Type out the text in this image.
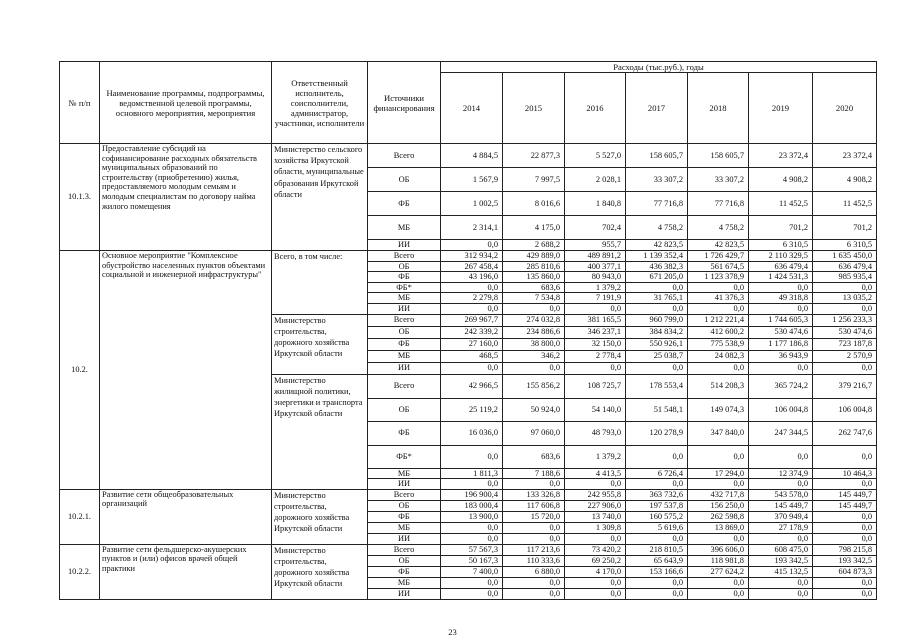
№ п/п	Наименование программы, подпрограммы, ведомственной целевой программы, основного мероприятия, мероприятия	Ответственный исполнитель, соисполнители, администратор, участники, исполнители	Источники финансирования	Расходы (тыс.руб.), годы						
				2014	2015	2016	2017	2018	2019	2020
10.1.3.	Предоставление субсидий на софинансирование расходных обязательств муниципальных образований по строительству (приобретению) жилья, предоставляемого молодым семьям и молодым специалистам по договору найма жилого помещения	Министерство сельского хозяйства Иркутской области, муниципальные образования Иркутской области	Всего	4 884,5	22 877,3	5 527,0	158 605,7	158 605,7	23 372,4	23 372,4
			ОБ	1 567,9	7 997,5	2 028,1	33 307,2	33 307,2	4 908,2	4 908,2
			ФБ	1 002,5	8 016,6	1 840,8	77 716,8	77 716,8	11 452,5	11 452,5
			МБ	2 314,1	4 175,0	702,4	4 758,2	4 758,2	701,2	701,2
			ИИ	0,0	2 688,2	955,7	42 823,5	42 823,5	6 310,5	6 310,5
10.2.	Основное мероприятие "Комплексное обустройство населенных пунктов объектами социальной и инженерной инфраструктуры"	Всего, в том числе:	Всего	312 934,2	429 889,0	489 891,2	1 139 352,4	1 726 429,7	2 110 329,5	1 635 450,0
			ОБ	267 458,4	285 810,6	400 377,1	436 382,3	561 674,5	636 479,4	636 479,4
			ФБ	43 196,0	135 860,0	80 943,0	671 205,0	1 123 378,9	1 424 531,3	985 935,4
			ФБ*	0,0	683,6	1 379,2	0,0	0,0	0,0	0,0
			МБ	2 279,8	7 534,8	7 191,9	31 765,1	41 376,3	49 318,8	13 035,2
			ИИ	0,0	0,0	0,0	0,0	0,0	0,0	0,0

		Министерство строительства, дорожного хозяйства Иркутской области	Всего	269 967,7	274 032,8	381 165,5	960 799,0	1 212 221,4	1 744 605,3	1 256 233,3
			ОБ	242 339,2	234 886,6	346 237,1	384 834,2	412 600,2	530 474,6	530 474,6
			ФБ	27 160,0	38 800,0	32 150,0	550 926,1	775 538,9	1 177 186,8	723 187,8
			МБ	468,5	346,2	2 778,4	25 038,7	24 082,3	36 943,9	2 570,9
			ИИ	0,0	0,0	0,0	0,0	0,0	0,0	0,0

		Министерство жилищной политики, энергетики и транспорта Иркутской области	Всего	42 966,5	155 856,2	108 725,7	178 553,4	514 208,3	365 724,2	379 216,7
			ОБ	25 119,2	50 924,0	54 140,0	51 548,1	149 074,3	106 004,8	106 004,8
			ФБ	16 036,0	97 060,0	48 793,0	120 278,9	347 840,0	247 344,5	262 747,6
			ФБ*	0,0	683,6	1 379,2	0,0	0,0	0,0	0,0
			МБ	1 811,3	7 188,6	4 413,5	6 726,4	17 294,0	12 374,9	10 464,3
			ИИ	0,0	0,0	0,0	0,0	0,0	0,0	0,0
10.2.1.	Развитие сети общеобразовательных организаций	Министерство строительства, дорожного хозяйства Иркутской области	Всего	196 900,4	133 326,8	242 955,8	363 732,6	432 717,8	543 578,0	145 449,7
			ОБ	183 000,4	117 606,8	227 906,0	197 537,8	156 250,0	145 449,7	145 449,7
			ФБ	13 900,0	15 720,0	13 740,0	160 575,2	262 598,8	370 949,4	0,0
			МБ	0,0	0,0	1 309,8	5 619,6	13 869,0	27 178,9	0,0
			ИИ	0,0	0,0	0,0	0,0	0,0	0,0	0,0
10.2.2.	Развитие сети фельдшерско-акушерских пунктов и (или) офисов врачей общей практики	Министерство строительства, дорожного хозяйства Иркутской области	Всего	57 567,3	117 213,6	73 420,2	218 810,5	396 606,0	608 475,0	798 215,8
			ОБ	50 167,3	110 333,6	69 250,2	65 643,9	118 981,8	193 342,5	193 342,5
			ФБ	7 400,0	6 880,0	4 170,0	153 166,6	277 624,2	415 132,5	604 873,3
			МБ	0,0	0,0	0,0	0,0	0,0	0,0	0,0
			ИИ	0,0	0,0	0,0	0,0	0,0	0,0	0,0
23
